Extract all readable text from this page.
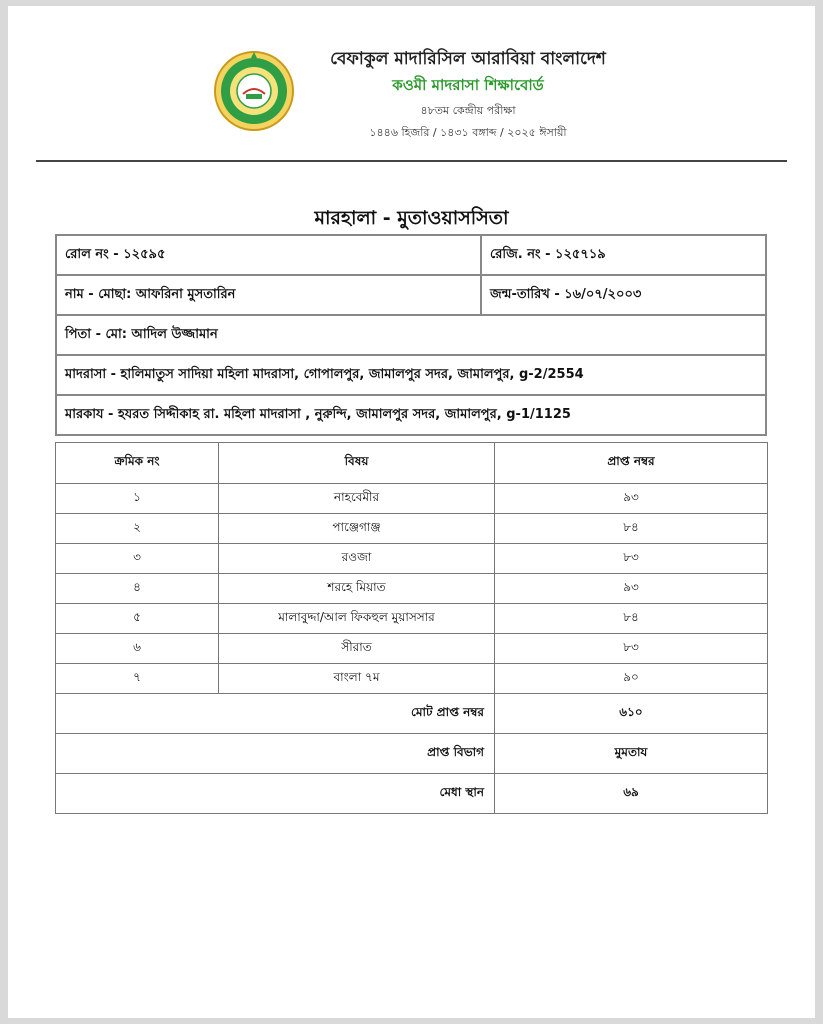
বেফাকুল মাদারিসিল আরাবিয়া বাংলাদেশ
কওমী মাদরাসা শিক্ষাবোর্ড
৪৮তম কেন্দ্রীয় পরীক্ষা
১৪৪৬ হিজরি / ১৪৩১ বঙ্গাব্দ / ২০২৫ ঈসায়ী
মারহালা - মুতাওয়াসসিতা
রোল নং - ১২৫৯৫	রেজি. নং - ১২৫৭১৯
নাম - মোছা: আফরিনা মুসতারিন	জন্ম-তারিখ - ১৬/০৭/২০০৩
পিতা - মো: আদিল উজ্জামান
মাদরাসা - হালিমাতুস সাদিয়া মহিলা মাদরাসা, গোপালপুর, জামালপুর সদর, জামালপুর, g-2/2554
মারকায - হযরত সিদ্দীকাহ রা. মহিলা মাদরাসা , নুরুন্দি, জামালপুর সদর, জামালপুর, g-1/1125
ক্রমিক নং	বিষয়	প্রাপ্ত নম্বর
১	নাহবেমীর	৯৩
২	পাঞ্জেগাঞ্জ	৮৪
৩	রওজা	৮৩
৪	শরহে মিয়াত	৯৩
৫	মালাবুদ্দা/আল ফিকহুল মুয়াসসার	৮৪
৬	সীরাত	৮৩
৭	বাংলা ৭ম	৯০
মোট প্রাপ্ত নম্বর		৬১০
প্রাপ্ত বিভাগ		মুমতায
মেধা স্থান		৬৯
